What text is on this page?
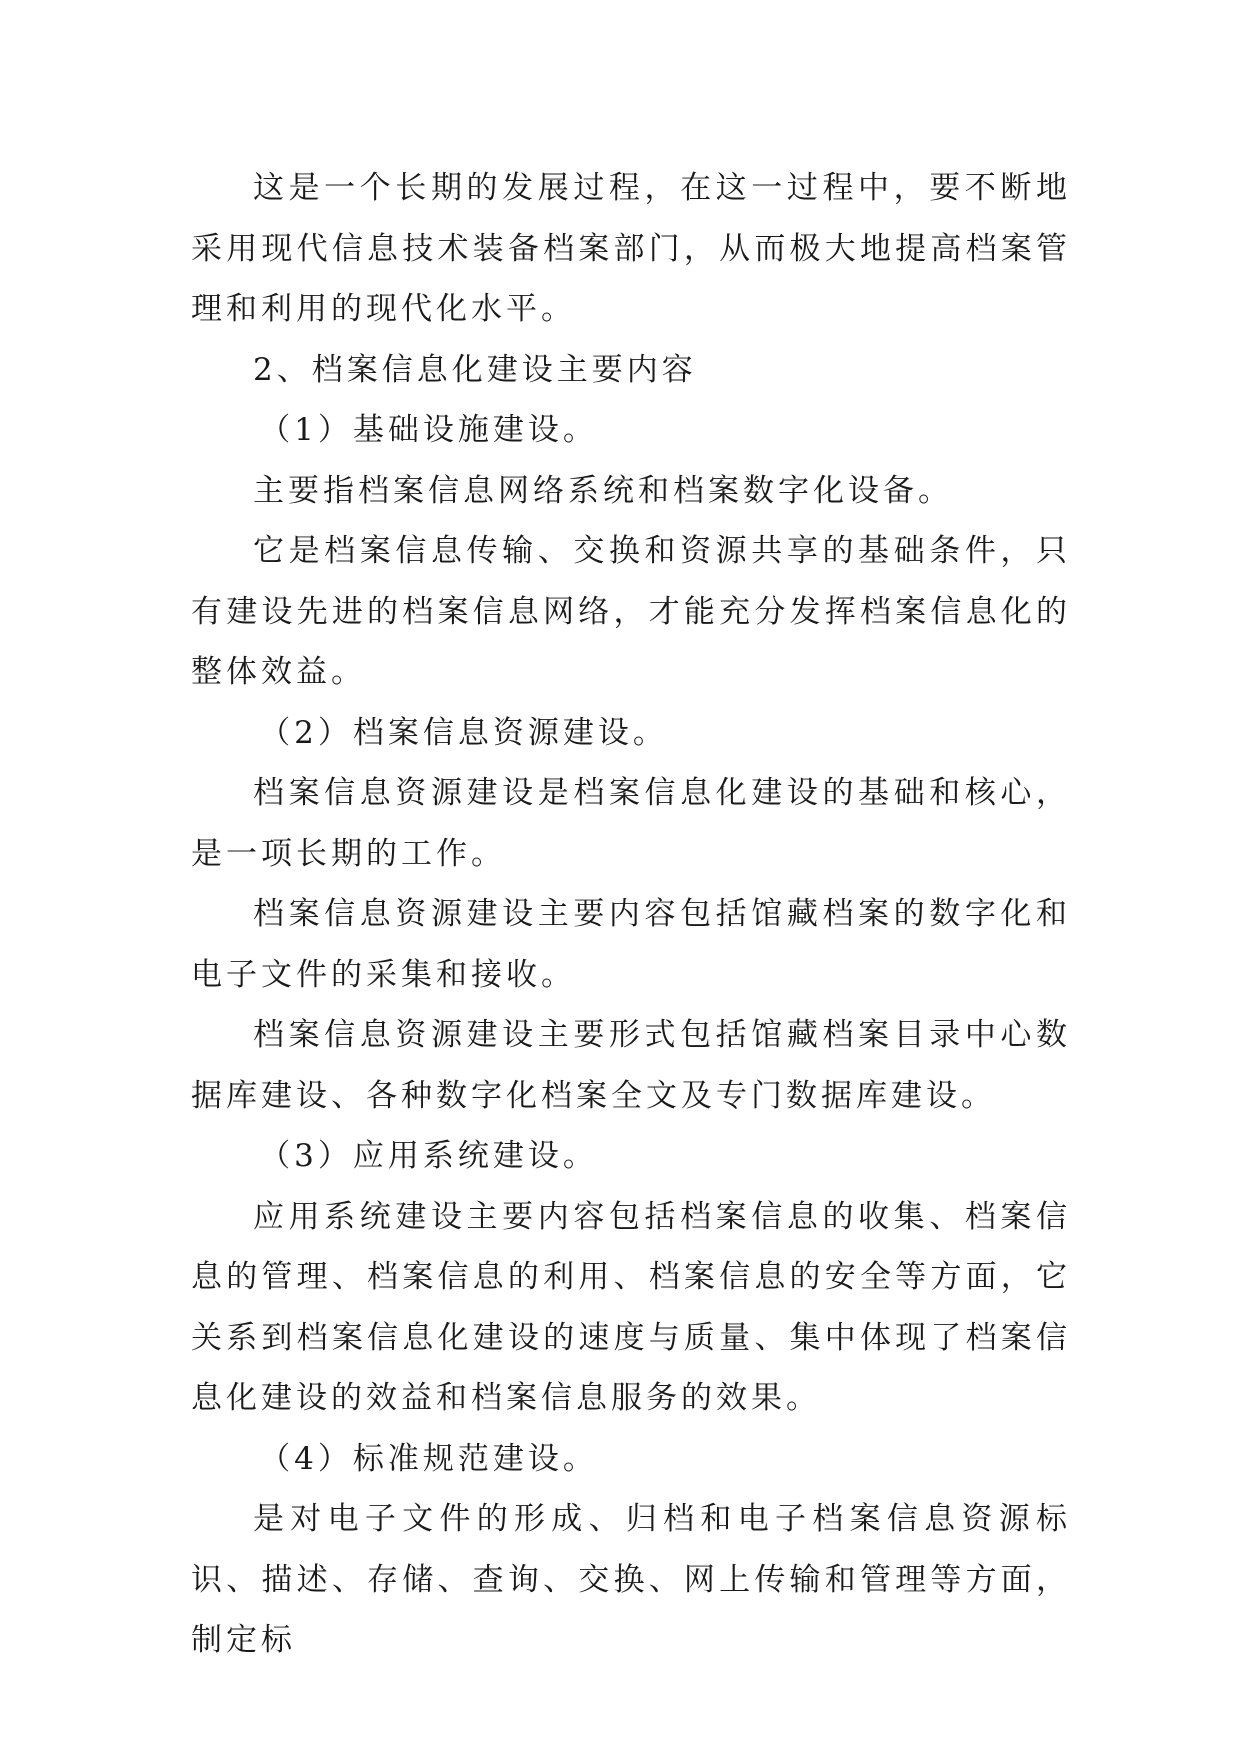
这是一个长期的发展过程，在这一过程中，要不断地采用现代信息技术装备档案部门，从而极大地提高档案管理和利用的现代化水平。

2、档案信息化建设主要内容

（1）基础设施建设。

主要指档案信息网络系统和档案数字化设备。

它是档案信息传输、交换和资源共享的基础条件，只有建设先进的档案信息网络，才能充分发挥档案信息化的整体效益。

（2）档案信息资源建设。

档案信息资源建设是档案信息化建设的基础和核心，是一项长期的工作。

档案信息资源建设主要内容包括馆藏档案的数字化和电子文件的采集和接收。

档案信息资源建设主要形式包括馆藏档案目录中心数据库建设、各种数字化档案全文及专门数据库建设。

（3）应用系统建设。

应用系统建设主要内容包括档案信息的收集、档案信息的管理、档案信息的利用、档案信息的安全等方面，它关系到档案信息化建设的速度与质量、集中体现了档案信息化建设的效益和档案信息服务的效果。

（4）标准规范建设。

是对电子文件的形成、归档和电子档案信息资源标识、描述、存储、查询、交换、网上传输和管理等方面，制定标
